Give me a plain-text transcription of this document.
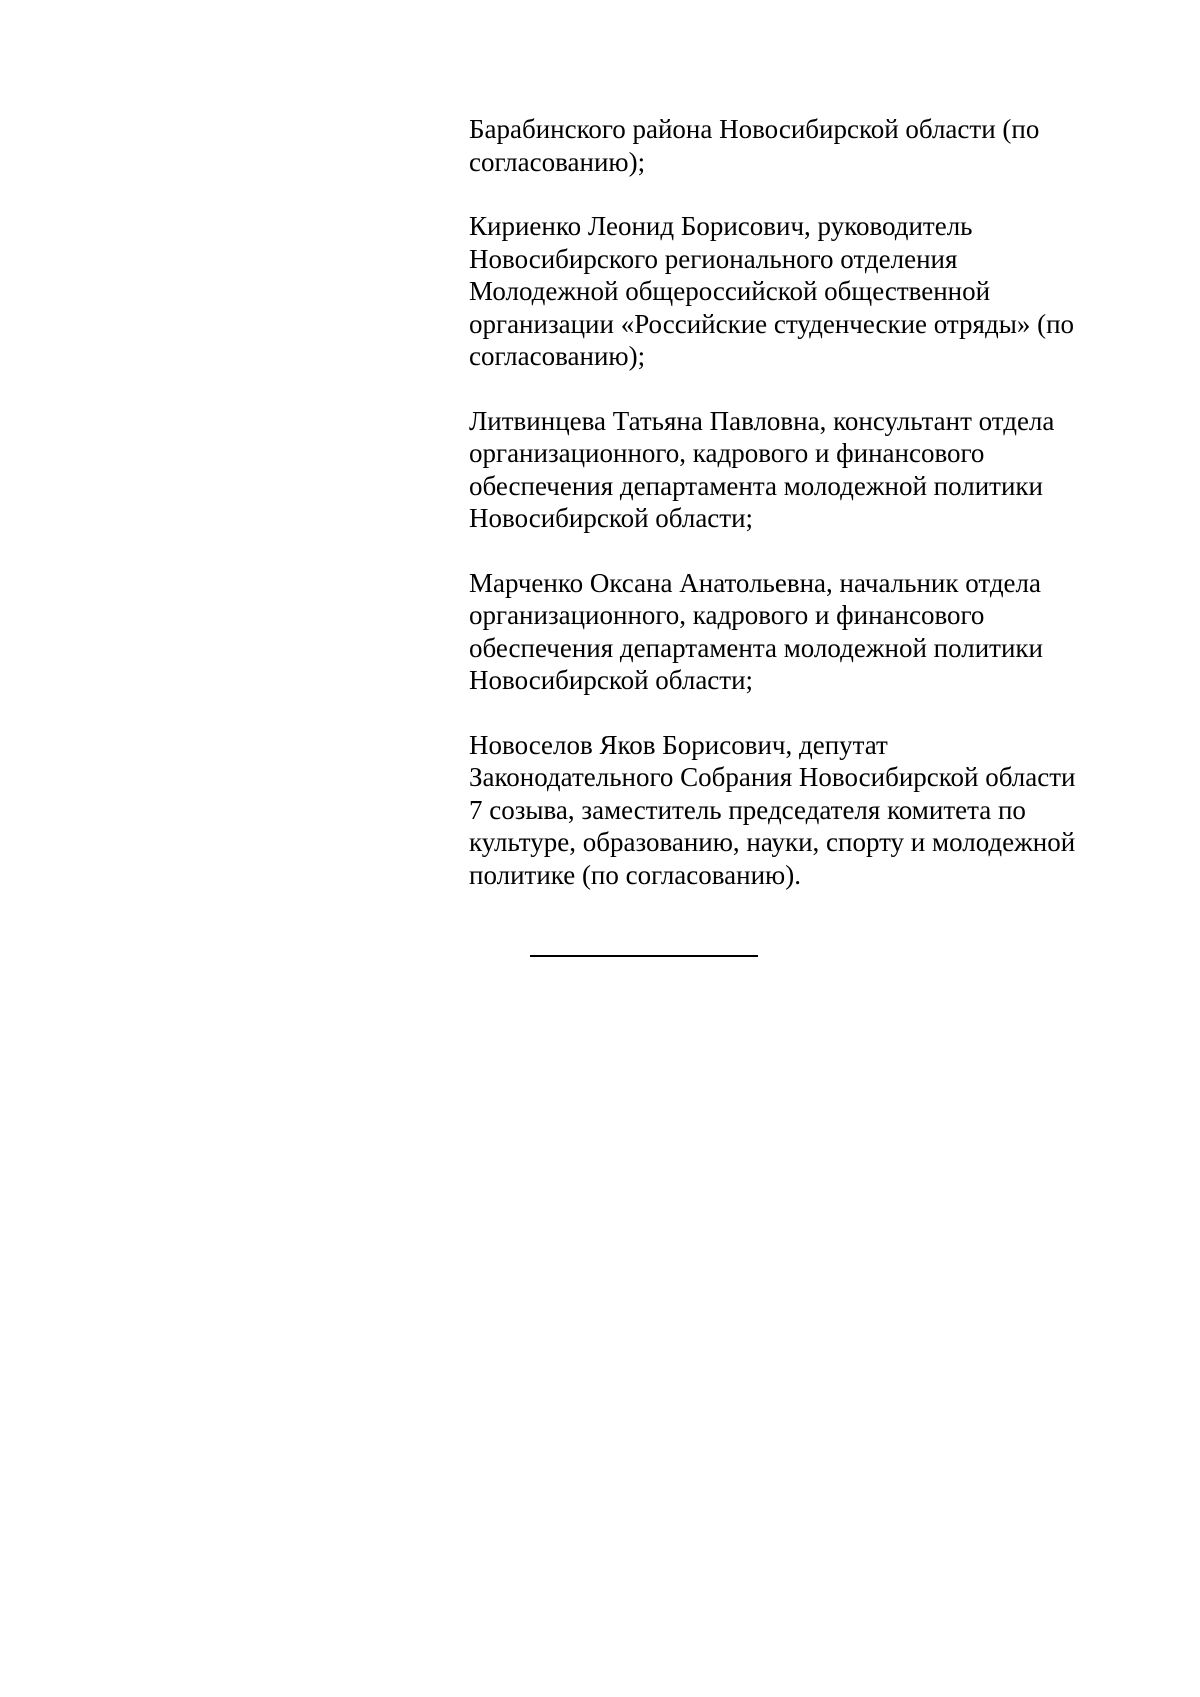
Барабинского района Новосибирской области (по
согласованию);

Кириенко Леонид Борисович, руководитель
Новосибирского регионального отделения
Молодежной общероссийской общественной
организации «Российские студенческие отряды» (по
согласованию);

Литвинцева Татьяна Павловна, консультант отдела
организационного, кадрового и финансового
обеспечения департамента молодежной политики
Новосибирской области;

Марченко Оксана Анатольевна, начальник отдела
организационного, кадрового и финансового
обеспечения департамента молодежной политики
Новосибирской области;

Новоселов Яков Борисович, депутат
Законодательного Собрания Новосибирской области
7 созыва, заместитель председателя комитета по
культуре, образованию, науки, спорту и молодежной
политике (по согласованию).
